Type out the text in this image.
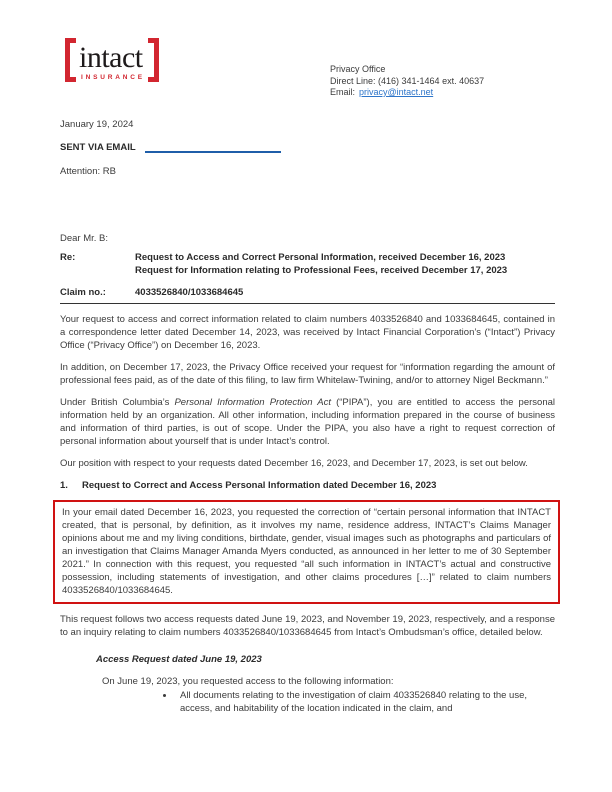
intact
INSURANCE
Privacy Office
Direct Line: (416) 341-1464 ext. 40637
Email: privacy@intact.net
January 19, 2024
SENT VIA EMAIL
Attention: RB
Dear Mr. B:
Re:	Request to Access and Correct Personal Information, received December 16, 2023
Request for Information relating to Professional Fees, received December 17, 2023
Claim no.:	4033526840/1033684645

Your request to access and correct information related to claim numbers 4033526840 and 1033684645, contained in a correspondence letter dated December 14, 2023, was received by Intact Financial Corporation’s (“Intact”) Privacy Office (“Privacy Office”) on December 16, 2023.

In addition, on December 17, 2023, the Privacy Office received your request for “information regarding the amount of professional fees paid, as of the date of this filing, to law firm Whitelaw-Twining, and/or to attorney Nigel Beckmann.”

Under British Columbia’s Personal Information Protection Act (“PIPA”), you are entitled to access the personal information held by an organization. All other information, including information prepared in the course of business and information of third parties, is out of scope. Under the PIPA, you also have a right to request correction of personal information about yourself that is under Intact’s control.

Our position with respect to your requests dated December 16, 2023, and December 17, 2023, is set out below.

1.	Request to Correct and Access Personal Information dated December 16, 2023
In your email dated December 16, 2023, you requested the correction of “certain personal information that INTACT created, that is personal, by definition, as it involves my name, residence address, INTACT’s Claims Manager opinions about me and my living conditions, birthdate, gender, visual images such as photographs and particulars of an investigation that Claims Manager Amanda Myers conducted, as announced in her letter to me of 30 September 2021.” In connection with this request, you requested “all such information in INTACT’s actual and constructive possession, including statements of investigation, and other claims procedures […]” related to claim numbers 4033526840/1033684645.

This request follows two access requests dated June 19, 2023, and November 19, 2023, respectively, and a response to an inquiry relating to claim numbers 4033526840/1033684645 from Intact’s Ombudsman’s office, detailed below.

Access Request dated June 19, 2023
On June 19, 2023, you requested access to the following information:
• All documents relating to the investigation of claim 4033526840 relating to the use, access, and habitability of the location indicated in the claim, and
